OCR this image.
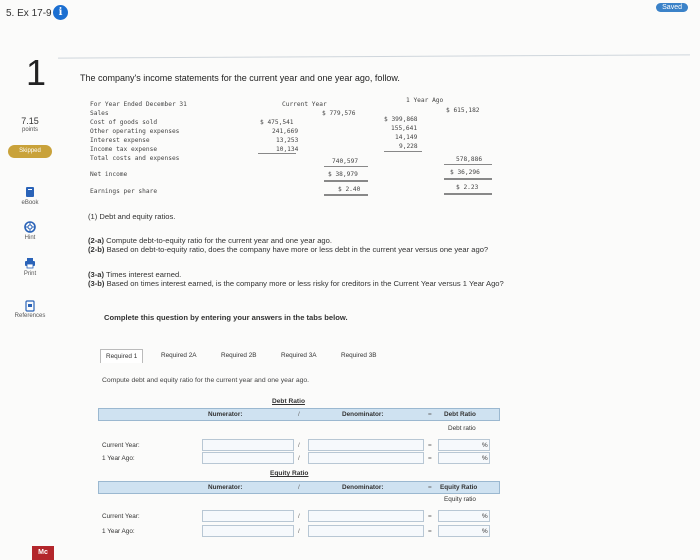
5. Ex 17-9 i	Saved
1
7.15
points
Skipped
eBook
Hint
Print
References
Mc
The company's income statements for the current year and one year ago, follow.
For Year Ended December 31	Current Year
1 Year Ago
Sales	$ 779,576	$ 615,182
Cost of goods sold	$ 475,541	$ 399,868
Other operating expenses	241,669	155,641
Interest expense	13,253	14,149
Income tax expense	10,134	9,228
Total costs and expenses	740,597	578,886
Net income	$ 38,979	$ 36,296
Earnings per share	$ 2.40	$ 2.23
(1) Debt and equity ratios.
(2-a) Compute debt-to-equity ratio for the current year and one year ago.
(2-b) Based on debt-to-equity ratio, does the company have more or less debt in the current year versus one year ago?
(3-a) Times interest earned.
(3-b) Based on times interest earned, is the company more or less risky for creditors in the Current Year versus 1 Year Ago?
Complete this question by entering your answers in the tabs below.
Required 1	Required 2A	Required 2B	Required 3A	Required 3B
Compute debt and equity ratio for the current year and one year ago.
Debt Ratio
Numerator:	/	Denominator:	= Debt Ratio
Debt ratio
Current Year:	/	=	%
1 Year Ago:	/	=	%
Equity Ratio
Numerator:	/	Denominator:	= Equity Ratio
Equity ratio
Current Year:	/	=	%
1 Year Ago:	/	=	%
